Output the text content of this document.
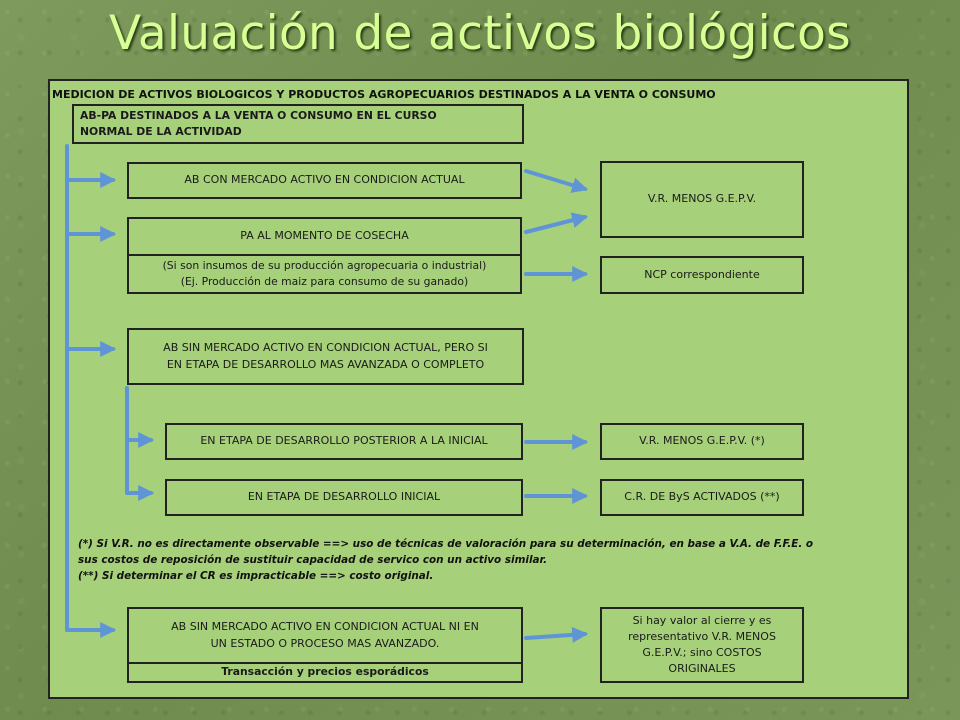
Valuación de activos biológicos
MEDICION DE ACTIVOS BIOLOGICOS Y PRODUCTOS AGROPECUARIOS DESTINADOS A LA VENTA O CONSUMO
AB-PA DESTINADOS A LA VENTA O CONSUMO EN EL CURSO
NORMAL DE LA ACTIVIDAD
AB CON MERCADO ACTIVO EN CONDICION ACTUAL
PA AL MOMENTO DE COSECHA
(Si son insumos de su producción agropecuaria o industrial)
(Ej. Producción de maiz para consumo de su ganado)
V.R. MENOS G.E.P.V.
NCP correspondiente
AB SIN MERCADO ACTIVO EN CONDICION ACTUAL, PERO SI
EN ETAPA DE DESARROLLO MAS AVANZADA O COMPLETO
EN ETAPA DE DESARROLLO POSTERIOR A LA INICIAL	V.R. MENOS G.E.P.V. (*)
EN ETAPA DE DESARROLLO INICIAL	C.R. DE ByS ACTIVADOS (**)
(*) Si V.R. no es directamente observable ==> uso de técnicas de valoración para su determinación, en base a V.A. de F.F.E. o
sus costos de reposición de sustituir capacidad de servico con un activo similar.
(**) Si determinar el CR es impracticable ==> costo original.
AB SIN MERCADO ACTIVO EN CONDICION ACTUAL NI EN
UN ESTADO O PROCESO MAS AVANZADO.
Transacción y precios esporádicos
Si hay valor al cierre y es
representativo V.R. MENOS
G.E.P.V.; sino COSTOS
ORIGINALES
